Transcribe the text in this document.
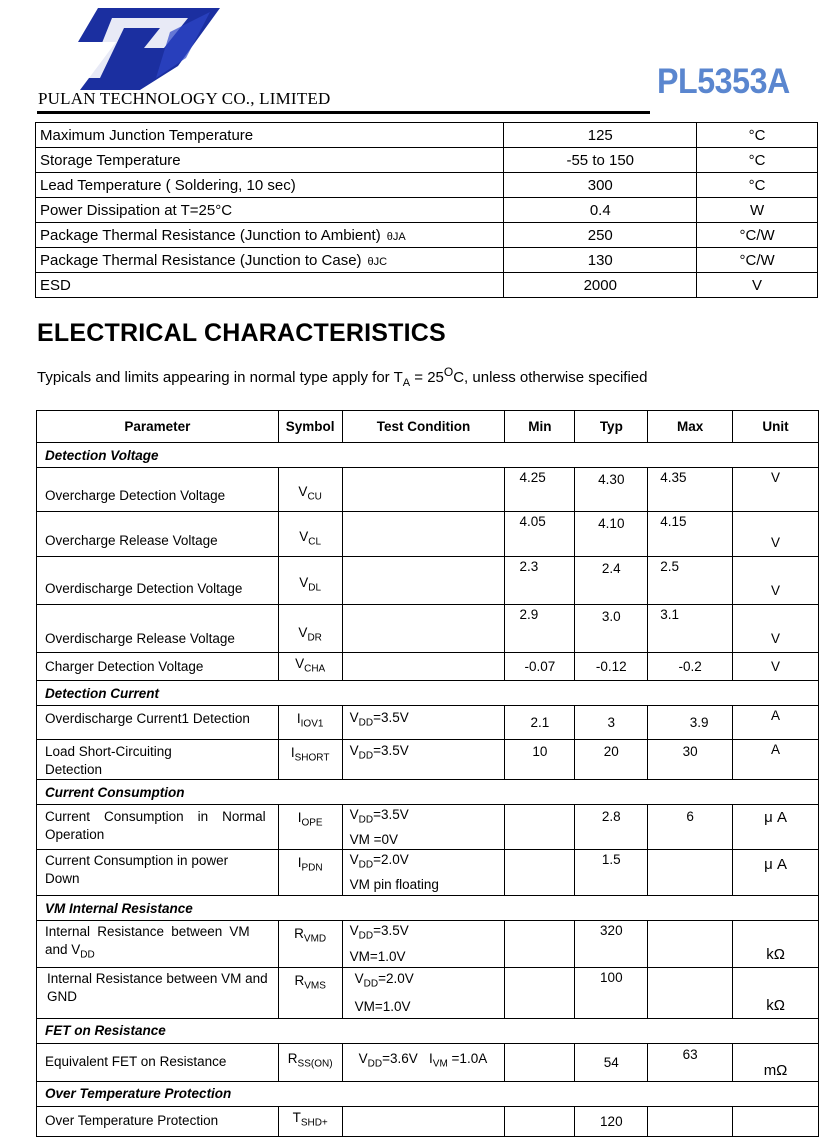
PULAN TECHNOLOGY CO., LIMITED	PL5353A
Maximum Junction Temperature	125	°C
Storage Temperature	-55 to 150	°C
Lead Temperature ( Soldering, 10 sec)	300	°C
Power Dissipation at T=25°C	0.4	W
Package Thermal Resistance (Junction to Ambient) θJA	250	°C/W
Package Thermal Resistance (Junction to Case) θJC	130	°C/W
ESD	2000	V
ELECTRICAL CHARACTERISTICS
Typicals and limits appearing in normal type apply for $T_A = 25^OC$, unless otherwise specified
Parameter	Symbol	Test Condition	Min	Typ	Max	Unit
Detection Voltage						
Overcharge Detection Voltage	$V_{CU}$		4.25	4.30	4.35	V
Overcharge Release Voltage	$V_{CL}$		4.05	4.10	4.15	V
Overdischarge Detection Voltage	$V_{DL}$		2.3	2.4	2.5	V
Overdischarge Release Voltage	$V_{DR}$		2.9	3.0	3.1	V
Charger Detection Voltage	$V_{CHA}$		-0.07	-0.12	-0.2	V
Detection Current						
Overdischarge Current1 Detection	$I_{IOV1}$	$V_{DD}=3.5V$	2.1	3	3.9	A
Load Short-Circuiting Detection	$I_{SHORT}$	$V_{DD}=3.5V$	10	20	30	A
Current Consumption						
Current Consumption in Normal Operation	$I_{OPE}$	$V_{DD}=3.5V$
VM =0V		2.8	6	μ A
Current Consumption in power Down	$I_{PDN}$	$V_{DD}=2.0V$
VM pin floating		1.5		μ A
VM Internal Resistance						
Internal Resistance between VM and $V_{DD}$	$R_{VMD}$	$V_{DD}=3.5V$
VM=1.0V		320		kΩ
Internal Resistance between VM and GND	$R_{VMS}$	$V_{DD}=2.0V$
VM=1.0V		100		kΩ
FET on Resistance						
Equivalent FET on Resistance	$R_{SS(ON)}$	$V_{DD}=3.6V$ $I_{VM} =1.0A$		54	63	mΩ
Over Temperature Protection						
Over Temperature Protection	$T_{SHD+}$			120		
